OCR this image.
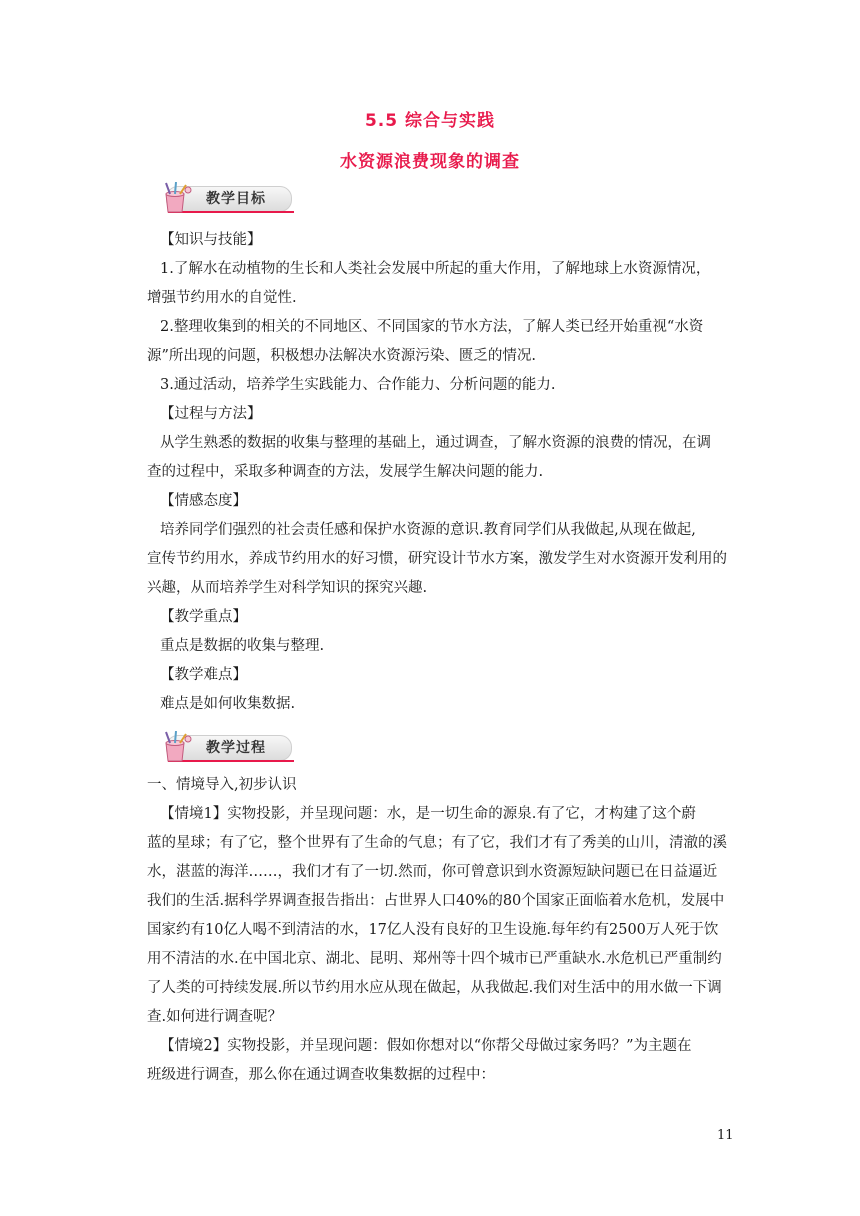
5.5 综合与实践
水资源浪费现象的调查
教学目标
【知识与技能】
1.了解水在动植物的生长和人类社会发展中所起的重大作用，了解地球上水资源情况，
增强节约用水的自觉性.
2.整理收集到的相关的不同地区、不同国家的节水方法，了解人类已经开始重视“水资
源”所出现的问题，积极想办法解决水资源污染、匮乏的情况.
3.通过活动，培养学生实践能力、合作能力、分析问题的能力.
【过程与方法】
从学生熟悉的数据的收集与整理的基础上，通过调查，了解水资源的浪费的情况，在调
查的过程中，采取多种调查的方法，发展学生解决问题的能力.
【情感态度】
培养同学们强烈的社会责任感和保护水资源的意识.教育同学们从我做起,从现在做起,
宣传节约用水，养成节约用水的好习惯，研究设计节水方案，激发学生对水资源开发利用的
兴趣，从而培养学生对科学知识的探究兴趣.
【教学重点】
重点是数据的收集与整理.
【教学难点】
难点是如何收集数据.
教学过程
一、情境导入,初步认识
【情境1】实物投影，并呈现问题：水，是一切生命的源泉.有了它，才构建了这个蔚
蓝的星球；有了它，整个世界有了生命的气息；有了它，我们才有了秀美的山川，清澈的溪
水，湛蓝的海洋……，我们才有了一切.然而，你可曾意识到水资源短缺问题已在日益逼近
我们的生活.据科学界调查报告指出：占世界人口40%的80个国家正面临着水危机，发展中
国家约有10亿人喝不到清洁的水，17亿人没有良好的卫生设施.每年约有2500万人死于饮
用不清洁的水.在中国北京、湖北、昆明、郑州等十四个城市已严重缺水.水危机已严重制约
了人类的可持续发展.所以节约用水应从现在做起，从我做起.我们对生活中的用水做一下调
查.如何进行调查呢？
【情境2】实物投影，并呈现问题：假如你想对以“你帮父母做过家务吗？”为主题在
班级进行调查，那么你在通过调查收集数据的过程中：
11
